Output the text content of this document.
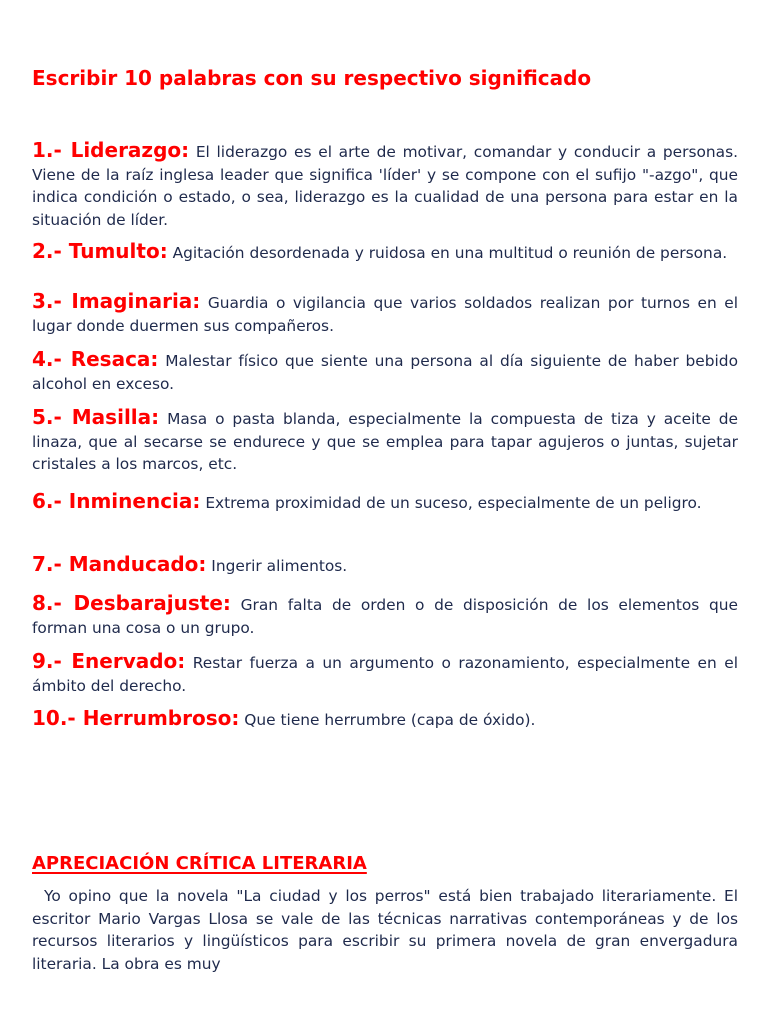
Escribir 10 palabras con su respectivo significado

1.- Liderazgo: El liderazgo es el arte de motivar, comandar y conducir a personas. Viene de la raíz inglesa leader que significa 'líder' y se compone con el sufijo "-azgo", que indica condición o estado, o sea, liderazgo es la cualidad de una persona para estar en la situación de líder.

2.- Tumulto: Agitación desordenada y ruidosa en una multitud o reunión de persona.

3.- Imaginaria: Guardia o vigilancia que varios soldados realizan por turnos en el lugar donde duermen sus compañeros.

4.- Resaca: Malestar físico que siente una persona al día siguiente de haber bebido alcohol en exceso.

5.- Masilla: Masa o pasta blanda, especialmente la compuesta de tiza y aceite de linaza, que al secarse se endurece y que se emplea para tapar agujeros o juntas, sujetar cristales a los marcos, etc.

6.- Inminencia: Extrema proximidad de un suceso, especialmente de un peligro.

7.- Manducado: Ingerir alimentos.

8.- Desbarajuste: Gran falta de orden o de disposición de los elementos que forman una cosa o un grupo.

9.- Enervado: Restar fuerza a un argumento o razonamiento, especialmente en el ámbito del derecho.

10.- Herrumbroso: Que tiene herrumbre (capa de óxido).

APRECIACIÓN CRÍTICA LITERARIA

Yo opino que la novela "La ciudad y los perros" está bien trabajado literariamente. El escritor Mario Vargas Llosa se vale de las técnicas narrativas contemporáneas y de los recursos literarios y lingüísticos para escribir su primera novela de gran envergadura literaria. La obra es muy
